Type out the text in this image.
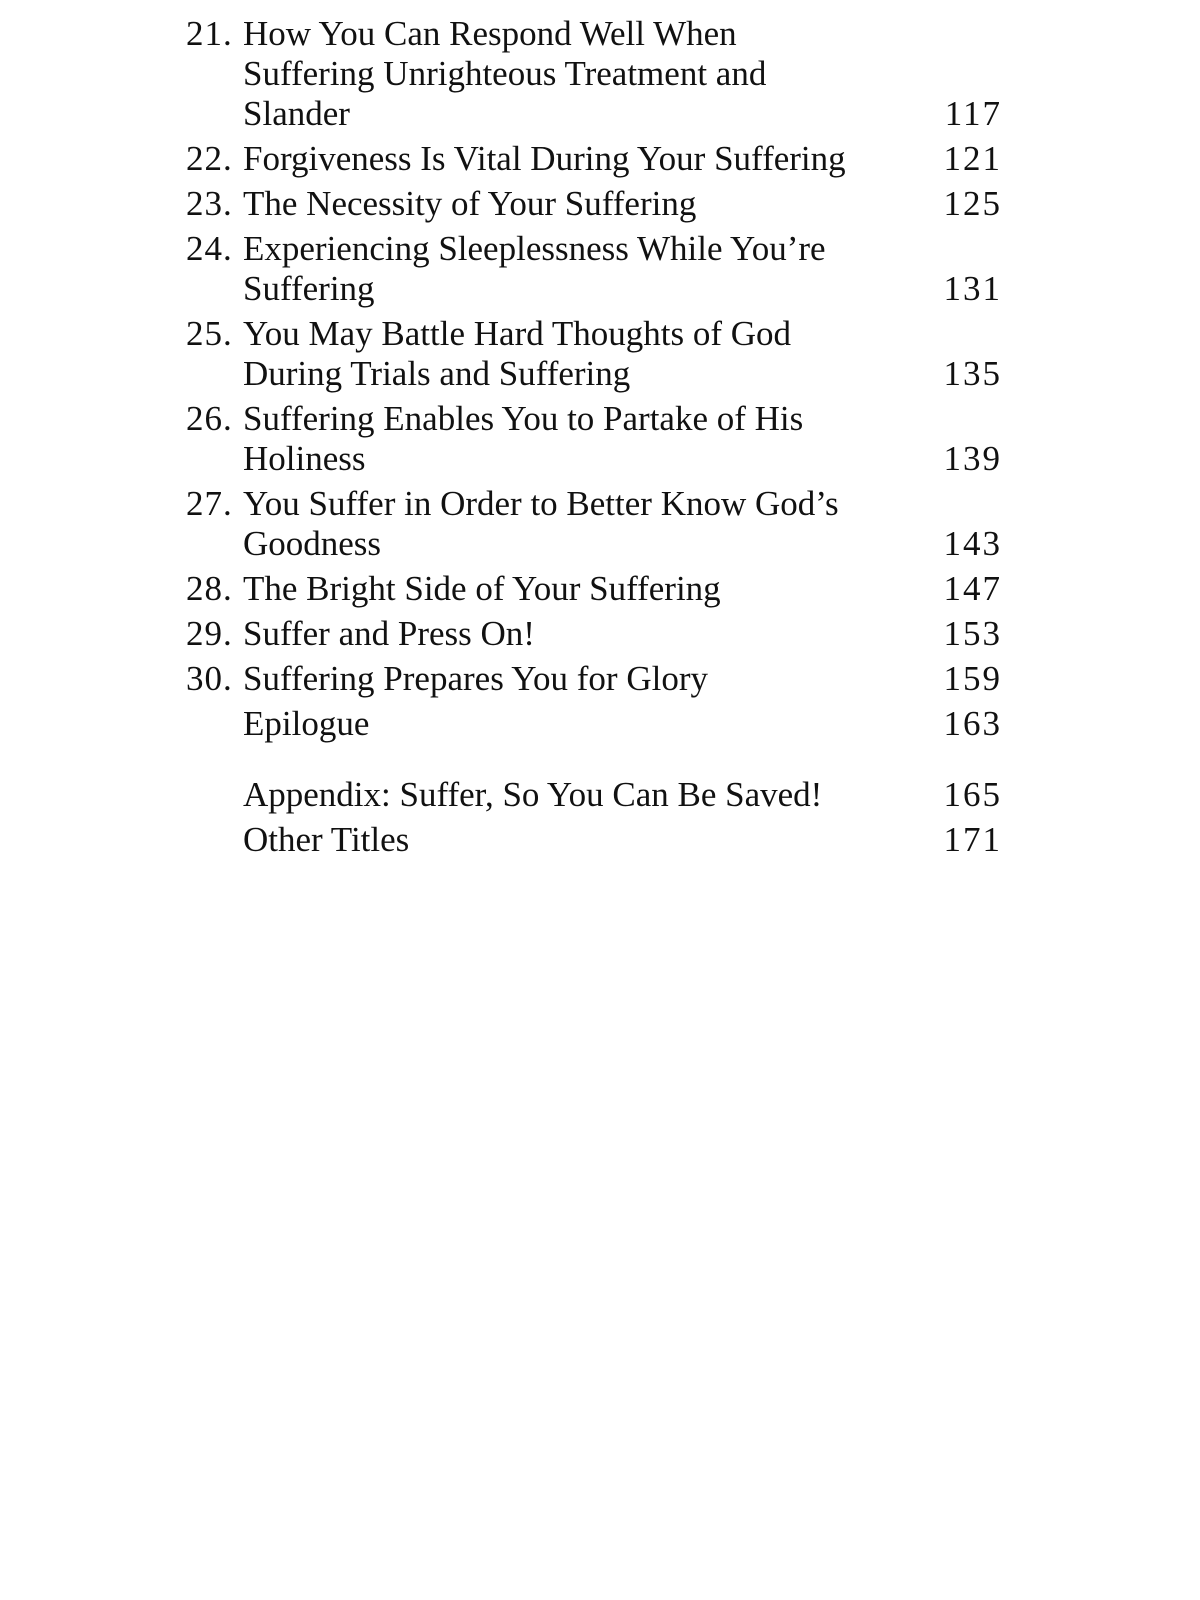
21. How You Can Respond Well When
Suffering Unrighteous Treatment and
Slander	117
22. Forgiveness Is Vital During Your Suffering	121
23. The Necessity of Your Suffering	125
24. Experiencing Sleeplessness While You’re
Suffering	131
25. You May Battle Hard Thoughts of God
During Trials and Suffering	135
26. Suffering Enables You to Partake of His
Holiness	139
27. You Suffer in Order to Better Know God’s
Goodness	143
28. The Bright Side of Your Suffering	147
29. Suffer and Press On!	153
30. Suffering Prepares You for Glory	159
Epilogue	163
Appendix: Suffer, So You Can Be Saved!	165
Other Titles	171
